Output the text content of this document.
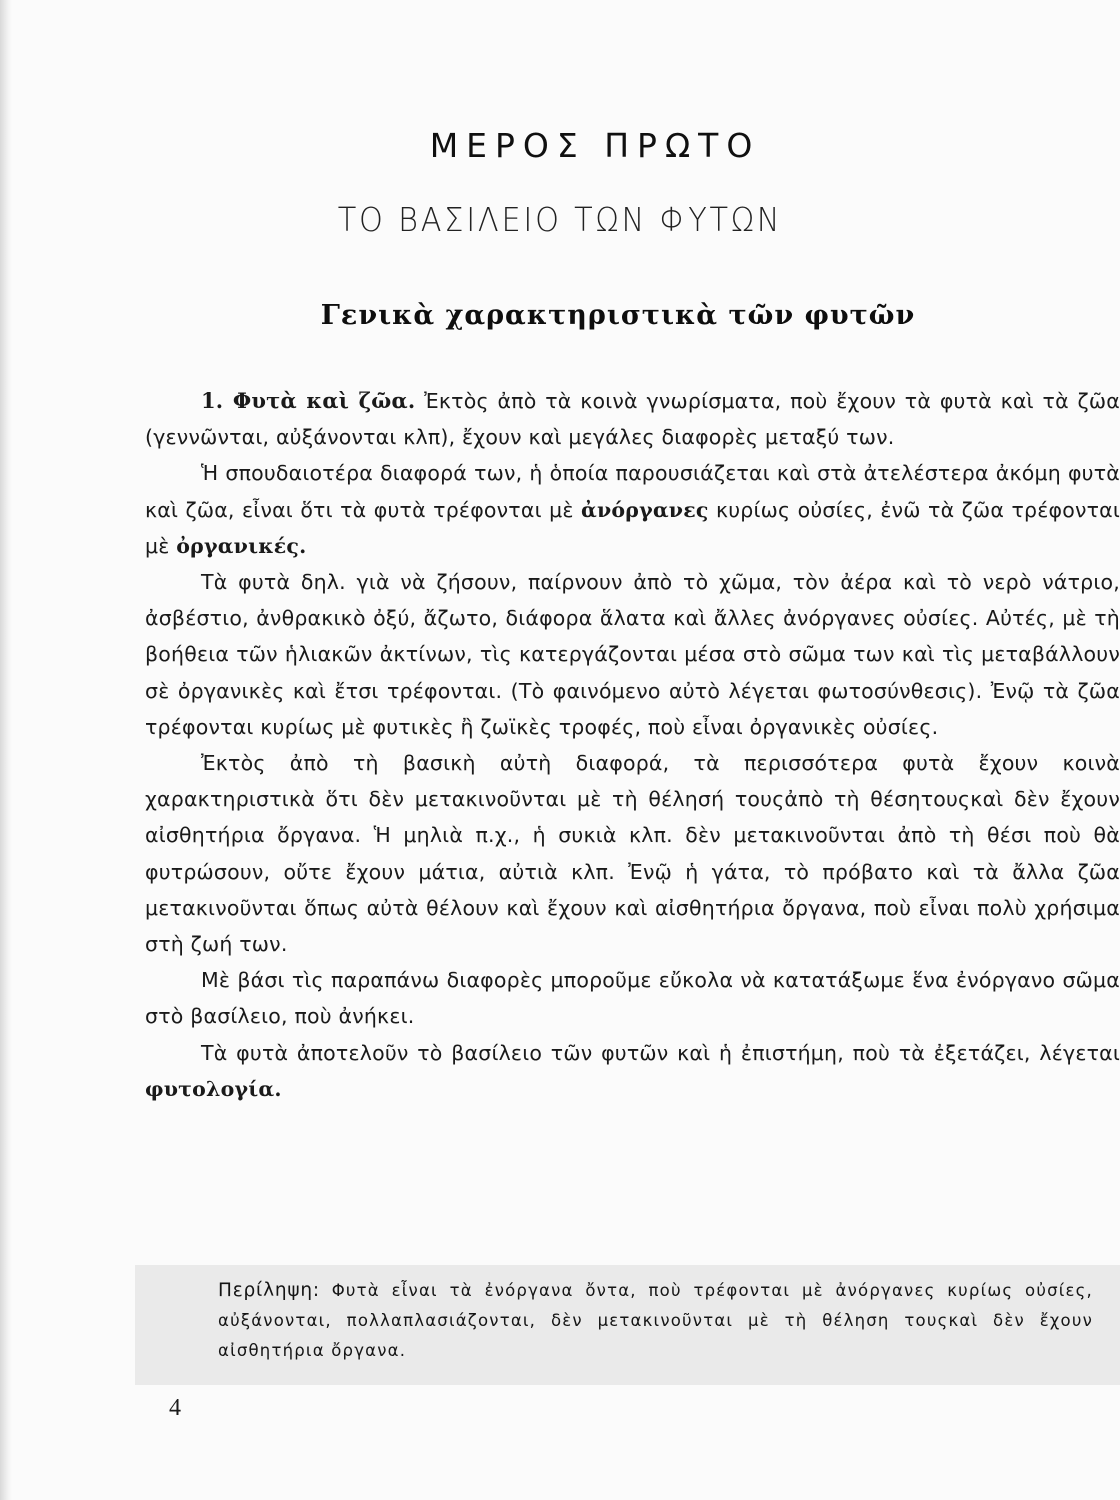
ΜΕΡΟΣ ΠΡΩΤΟ
ΤΟ ΒΑΣΙΛΕΙΟ ΤΩΝ ΦΥΤΩΝ
Γενικὰ χαρακτηριστικὰ τῶν φυτῶν

1. Φυτὰ καὶ ζῶα. Ἐκτὸς ἀπὸ τὰ κοινὰ γνωρίσματα, ποὺ ἔχουν τὰ φυτὰ καὶ τὰ ζῶα (γεννῶνται, αὐξάνονται κλπ), ἔχουν καὶ μεγάλες διαφορὲς μεταξύ των.

Ἡ σπουδαιοτέρα διαφορά των, ἡ ὁποία παρουσιάζεται καὶ στὰ ἀτελέστερα ἀκόμη φυτὰ καὶ ζῶα, εἶναι ὅτι τὰ φυτὰ τρέφονται μὲ ἀνόργανες κυρίως οὐσίες, ἐνῶ τὰ ζῶα τρέφονται μὲ ὀργανικές.

Τὰ φυτὰ δηλ. γιὰ νὰ ζήσουν, παίρνουν ἀπὸ τὸ χῶμα, τὸν ἀέρα καὶ τὸ νερὸ νάτριο, ἀσβέστιο, ἀνθρακικὸ ὀξύ, ἄζωτο, διάφορα ἅλατα καὶ ἄλλες ἀνόργανες οὐσίες. Αὐτές, μὲ τὴ βοήθεια τῶν ἡλιακῶν ἀκτίνων, τὶς κατεργάζονται μέσα στὸ σῶμα των καὶ τὶς μεταβάλλουν σὲ ὀργανικὲς καὶ ἔτσι τρέφονται. (Τὸ φαινόμενο αὐτὸ λέγεται φωτοσύνθεσις). Ἐνῷ τὰ ζῶα τρέφονται κυρίως μὲ φυτικὲς ἢ ζωϊκὲς τροφές, ποὺ εἶναι ὀργανικὲς οὐσίες.

Ἐκτὸς ἀπὸ τὴ βασικὴ αὐτὴ διαφορά, τὰ περισσότερα φυτὰ ἔχουν κοινὰ χαρακτηριστικὰ ὅτι δὲν μετακινοῦνται μὲ τὴ θέλησή τουςἀπὸ τὴ θέσητουςκαὶ δὲν ἔχουν αἰσθητήρια ὄργανα. Ἡ μηλιὰ π.χ., ἡ συκιὰ κλπ. δὲν μετακινοῦνται ἀπὸ τὴ θέσι ποὺ θὰ φυτρώσουν, οὔτε ἔχουν μάτια, αὐτιὰ κλπ. Ἐνῷ ἡ γάτα, τὸ πρόβατο καὶ τὰ ἄλλα ζῶα μετακινοῦνται ὅπως αὐτὰ θέλουν καὶ ἔχουν καὶ αἰσθητήρια ὄργανα, ποὺ εἶναι πολὺ χρήσιμα στὴ ζωή των.

Μὲ βάσι τὶς παραπάνω διαφορὲς μποροῦμε εὔκολα νὰ κατατάξωμε ἕνα ἐνόργανο σῶμα στὸ βασίλειο, ποὺ ἀνήκει.

Τὰ φυτὰ ἀποτελοῦν τὸ βασίλειο τῶν φυτῶν καὶ ἡ ἐπιστήμη, ποὺ τὰ ἐξετάζει, λέγεται φυτολογία.

Περίληψη: Φυτὰ εἶναι τὰ ἐνόργανα ὄντα, ποὺ τρέφονται μὲ ἀνόργανες κυρίως οὐσίες, αὐξάνονται, πολλαπλασιάζονται, δὲν μετακινοῦνται μὲ τὴ θέληση τουςκαὶ δὲν ἔχουν αἰσθητήρια ὄργανα.
4
